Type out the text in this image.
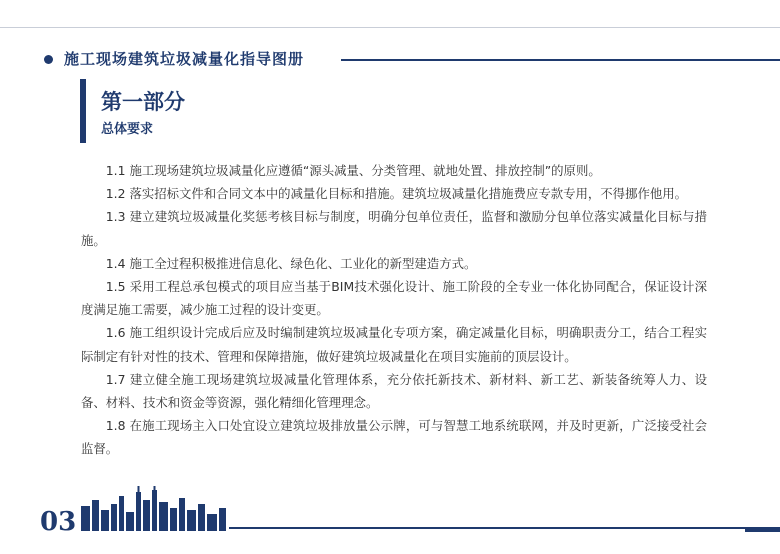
施工现场建筑垃圾减量化指导图册
第一部分
总体要求

1.1 施工现场建筑垃圾减量化应遵循“源头减量、分类管理、就地处置、排放控制”的原则。

1.2 落实招标文件和合同文本中的减量化目标和措施。建筑垃圾减量化措施费应专款专用，不得挪作他用。

1.3 建立建筑垃圾减量化奖惩考核目标与制度，明确分包单位责任，监督和激励分包单位落实减量化目标与措施。

1.4 施工全过程积极推进信息化、绿色化、工业化的新型建造方式。

1.5 采用工程总承包模式的项目应当基于BIM技术强化设计、施工阶段的全专业一体化协同配合，保证设计深度满足施工需要，减少施工过程的设计变更。

1.6 施工组织设计完成后应及时编制建筑垃圾减量化专项方案，确定减量化目标，明确职责分工，结合工程实际制定有针对性的技术、管理和保障措施，做好建筑垃圾减量化在项目实施前的顶层设计。

1.7 建立健全施工现场建筑垃圾减量化管理体系，充分依托新技术、新材料、新工艺、新装备统筹人力、设备、材料、技术和资金等资源，强化精细化管理理念。

1.8 在施工现场主入口处宜设立建筑垃圾排放量公示牌，可与智慧工地系统联网，并及时更新，广泛接受社会监督。

03
